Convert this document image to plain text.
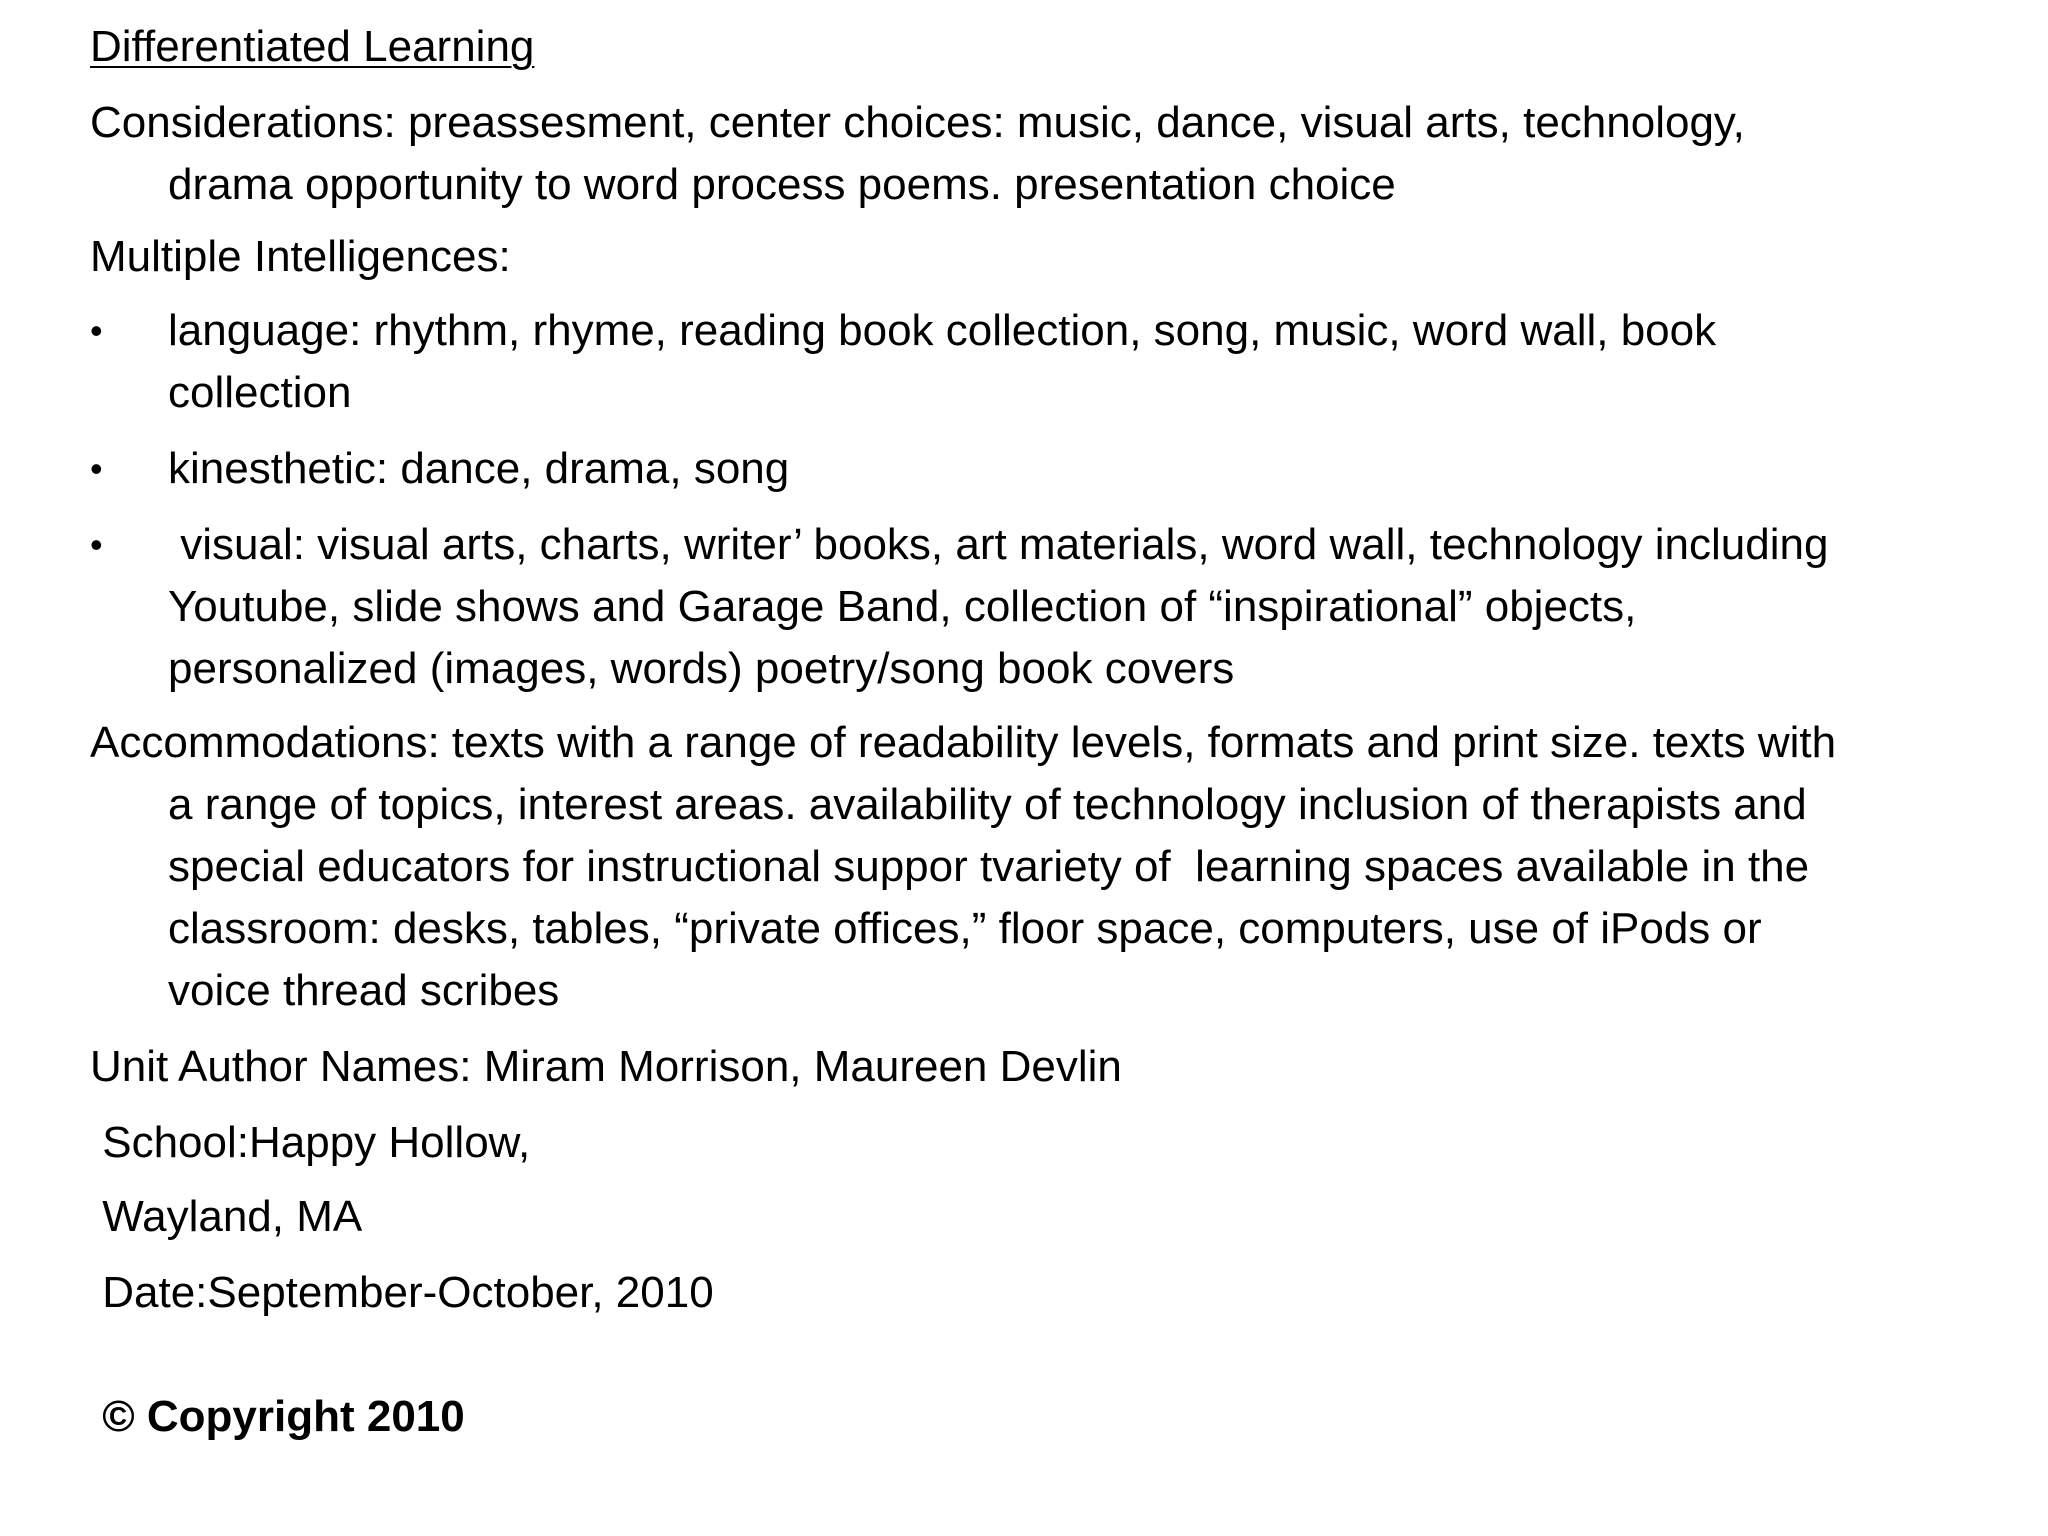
Differentiated Learning

Considerations: preassesment, center choices: music, dance, visual arts, technology,
drama opportunity to word process poems. presentation choice

Multiple Intelligences:

• language: rhythm, rhyme, reading book collection, song, music, word wall, book
collection
• kinesthetic: dance, drama, song
• visual: visual arts, charts, writer’ books, art materials, word wall, technology including
Youtube, slide shows and Garage Band, collection of “inspirational” objects,
personalized (images, words) poetry/song book covers
Accommodations: texts with a range of readability levels, formats and print size. texts with
a range of topics, interest areas. availability of technology inclusion of therapists and
special educators for instructional suppor tvariety of  learning spaces available in the
classroom: desks, tables, “private offices,” floor space, computers, use of iPods or
voice thread scribes

Unit Author Names: Miram Morrison, Maureen Devlin

School:Happy Hollow,

Wayland, MA

Date:September-October, 2010

© Copyright 2010
